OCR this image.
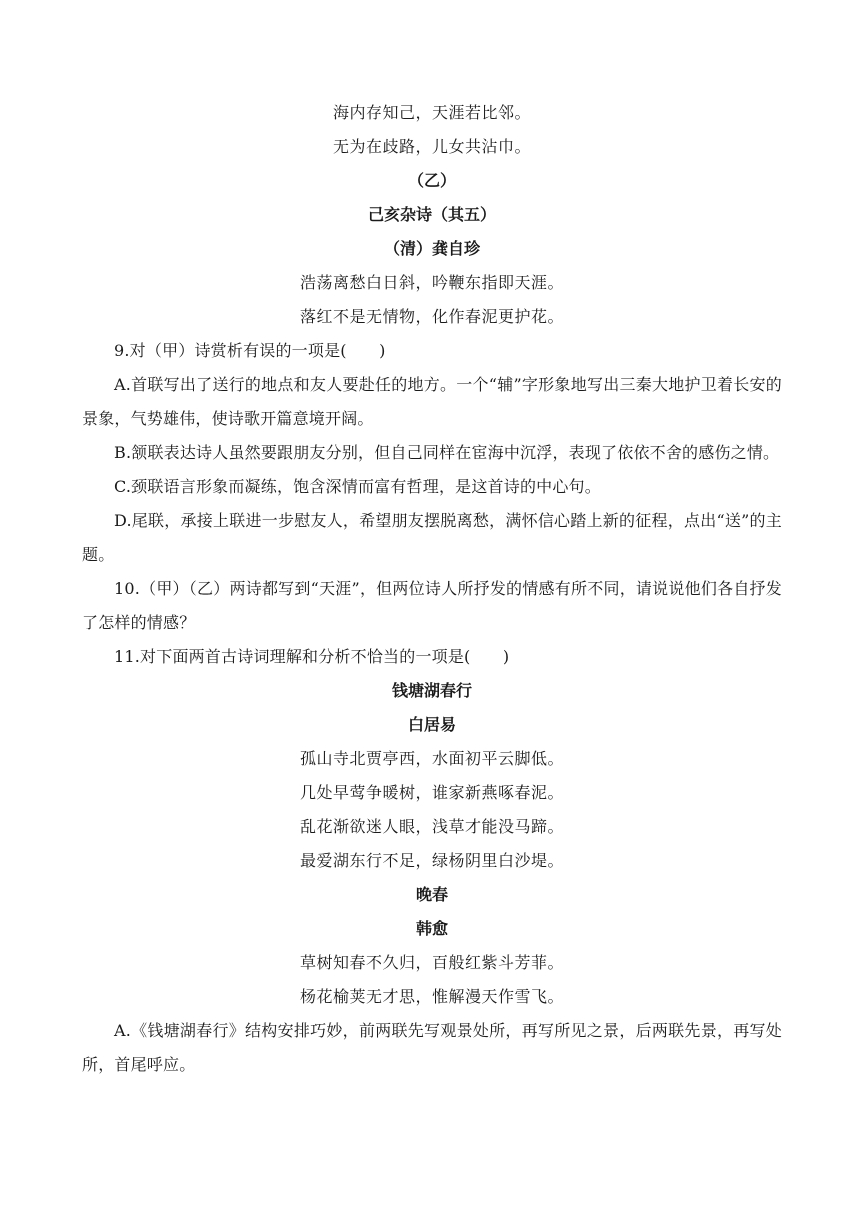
海内存知己，天涯若比邻。
无为在歧路，儿女共沾巾。
（乙）
己亥杂诗（其五）
（清）龚自珍
浩荡离愁白日斜，吟鞭东指即天涯。
落红不是无情物，化作春泥更护花。
9.对（甲）诗赏析有误的一项是(　　)
A.首联写出了送行的地点和友人要赴任的地方。一个“辅”字形象地写出三秦大地护卫着长安的景象，气势雄伟，使诗歌开篇意境开阔。
B.颔联表达诗人虽然要跟朋友分别，但自己同样在宦海中沉浮，表现了依依不舍的感伤之情。
C.颈联语言形象而凝练，饱含深情而富有哲理，是这首诗的中心句。
D.尾联，承接上联进一步慰友人，希望朋友摆脱离愁，满怀信心踏上新的征程，点出“送”的主题。
10.（甲）（乙）两诗都写到“天涯”，但两位诗人所抒发的情感有所不同，请说说他们各自抒发了怎样的情感？
11.对下面两首古诗词理解和分析不恰当的一项是(　　)
钱塘湖春行
白居易
孤山寺北贾亭西，水面初平云脚低。
几处早莺争暖树，谁家新燕啄春泥。
乱花渐欲迷人眼，浅草才能没马蹄。
最爱湖东行不足，绿杨阴里白沙堤。
晚春
韩愈
草树知春不久归，百般红紫斗芳菲。
杨花榆荚无才思，惟解漫天作雪飞。
A.《钱塘湖春行》结构安排巧妙，前两联先写观景处所，再写所见之景，后两联先景，再写处所，首尾呼应。
